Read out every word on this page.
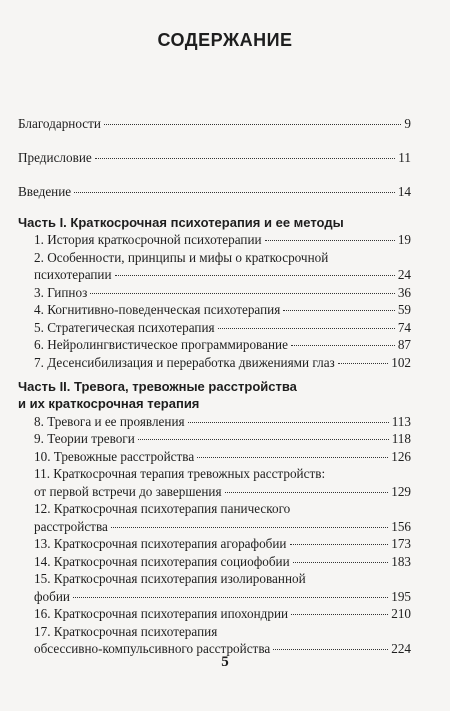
СОДЕРЖАНИЕ
Благодарности	9
Предисловие	11
Введение	14
Часть I. Краткосрочная психотерапия и ее методы
1. История краткосрочной психотерапии	19
2. Особенности, принципы и мифы о краткосрочной
психотерапии	24
3. Гипноз	36
4. Когнитивно-поведенческая психотерапия	59
5. Стратегическая психотерапия	74
6. Нейролингвистическое программирование	87
7. Десенсибилизация и переработка движениями глаз	102
Часть II. Тревога, тревожные расстройства
и их краткосрочная терапия
8. Тревога и ее проявления	113
9. Теории тревоги	118
10. Тревожные расстройства	126
11. Краткосрочная терапия тревожных расстройств:
от первой встречи до завершения	129
12. Краткосрочная психотерапия панического
расстройства	156
13. Краткосрочная психотерапия агорафобии	173
14. Краткосрочная психотерапия социофобии	183
15. Краткосрочная психотерапия изолированной
фобии	195
16. Краткосрочная психотерапия ипохондрии	210
17. Краткосрочная психотерапия
обсессивно-компульсивного расстройства	224
5
